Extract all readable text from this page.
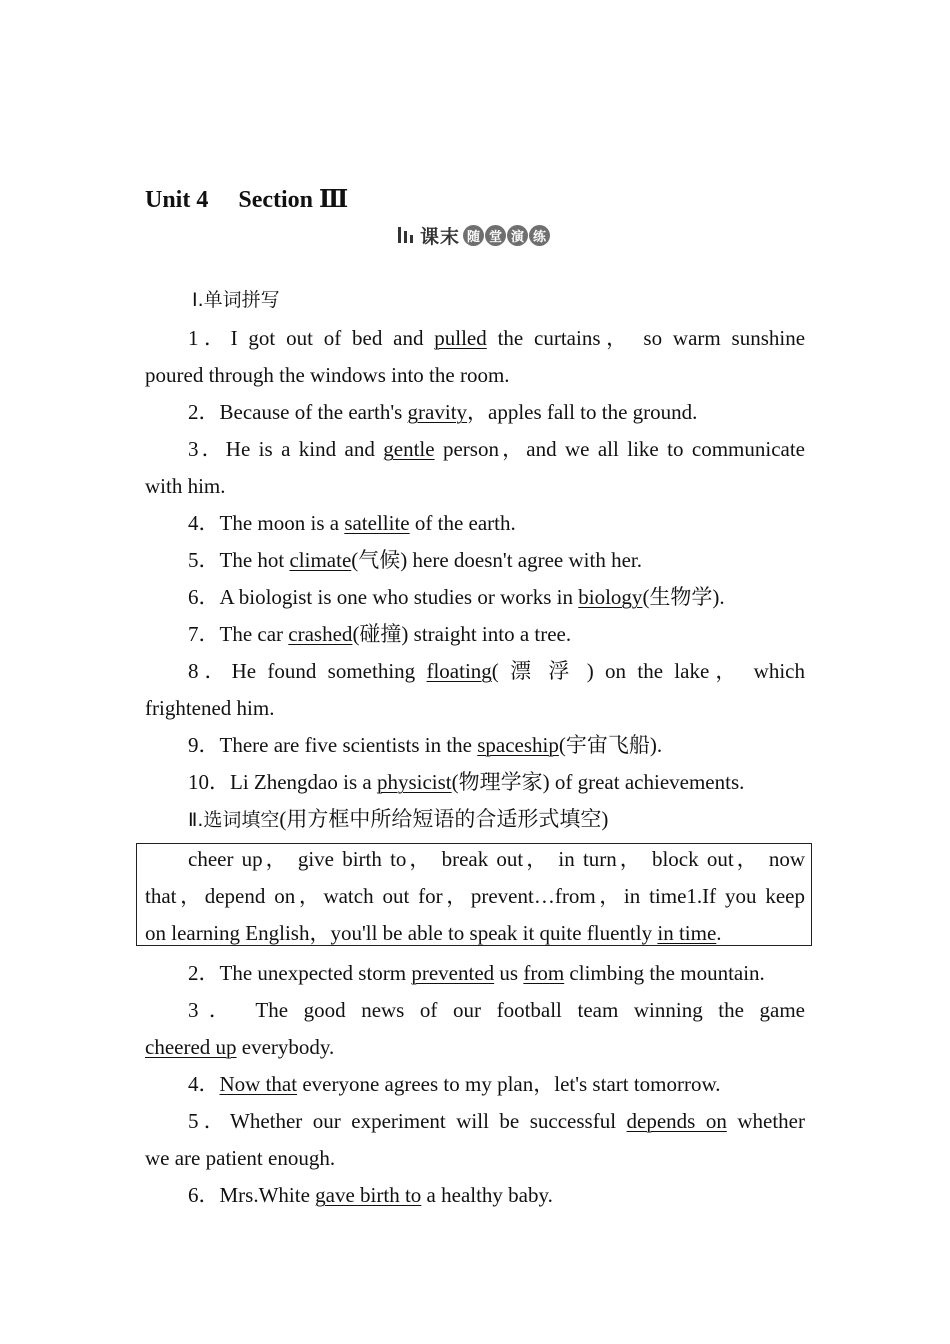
Unit 4 Section Ⅲ
课末 随 堂 演 练
Ⅰ.单词拼写
1．I got out of bed and pulled the curtains， so warm sunshine
poured through the windows into the room.
2．Because of the earth's gravity，apples fall to the ground.
3．He is a kind and gentle person，and we all like to communicate
with him.
4．The moon is a satellite of the earth.
5．The hot climate(气候) here doesn't agree with her.
6．A biologist is one who studies or works in biology(生物学).
7．The car crashed(碰撞) straight into a tree.
8．He found something floating( 漂 浮 ) on the lake， which
frightened him.
9．There are five scientists in the spaceship(宇宙飞船).
10．Li Zhengdao is a physicist(物理学家) of great achievements.
Ⅱ.选词填空(用方框中所给短语的合适形式填空)
cheer up， give birth to， break out， in turn， block out， now
that，depend on，watch out for，prevent…from，in time1.If you keep
on learning English，you'll be able to speak it quite fluently in time.
2．The unexpected storm prevented us from climbing the mountain.
3． The good news of our football team winning the game
cheered up everybody.
4．Now that everyone agrees to my plan，let's start tomorrow.
5．Whether our experiment will be successful depends on whether
we are patient enough.
6．Mrs.White gave birth to a healthy baby.
